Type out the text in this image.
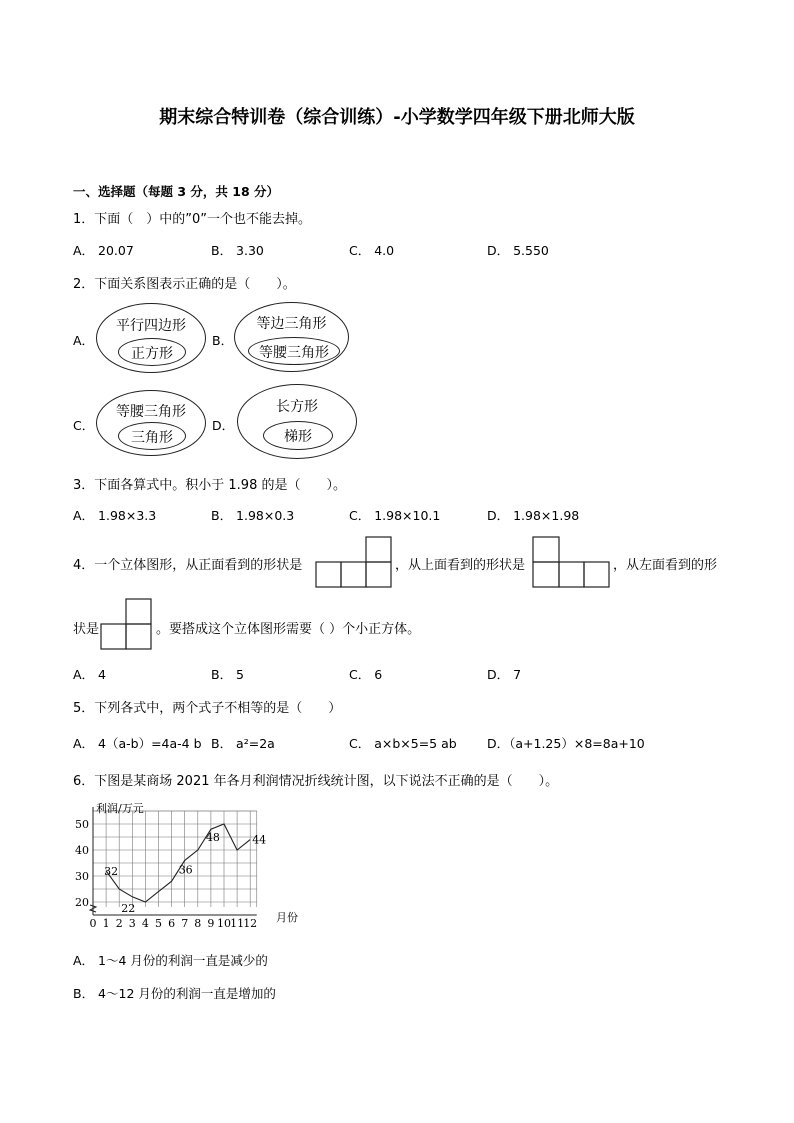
期末综合特训卷（综合训练）-小学数学四年级下册北师大版
一、选择题（每题 3 分，共 18 分）
1．下面（　）中的”0”一个也不能去掉。
A． 20.07	B． 3.30	C． 4.0	D． 5.550
2．下面关系图表示正确的是（　　）。
A．
平行四边形
正方形
B．
等边三角形
等腰三角形
C．
等腰三角形
三角形
D．
长方形
梯形
3．下面各算式中。积小于 1.98 的是（　　）。
A． 1.98×3.3	B． 1.98×0.3	C． 1.98×10.1	D． 1.98×1.98
4．一个立体图形，从正面看到的形状是	，从上面看到的形状是	，从左面看到的形
状是	。要搭成这个立体图形需要（ ）个小正方体。
A． 4	B． 5	C． 6	D． 7
5．下列各式中，两个式子不相等的是（　　）
A． 4（a-b）=4a-4 b B． a²=2a	C． a×b×5=5 ab D．（a+1.25）×8=8a+10
6．下图是某商场 2021 年各月利润情况折线统计图，以下说法不正确的是（　　）。
20
30
40
50
0 1 2 3 4 5 6 7 8 9 10 11 12
32
22
36
48	44
利润/万元
月份
A． 1～4 月份的利润一直是减少的
B． 4～12 月份的利润一直是增加的
